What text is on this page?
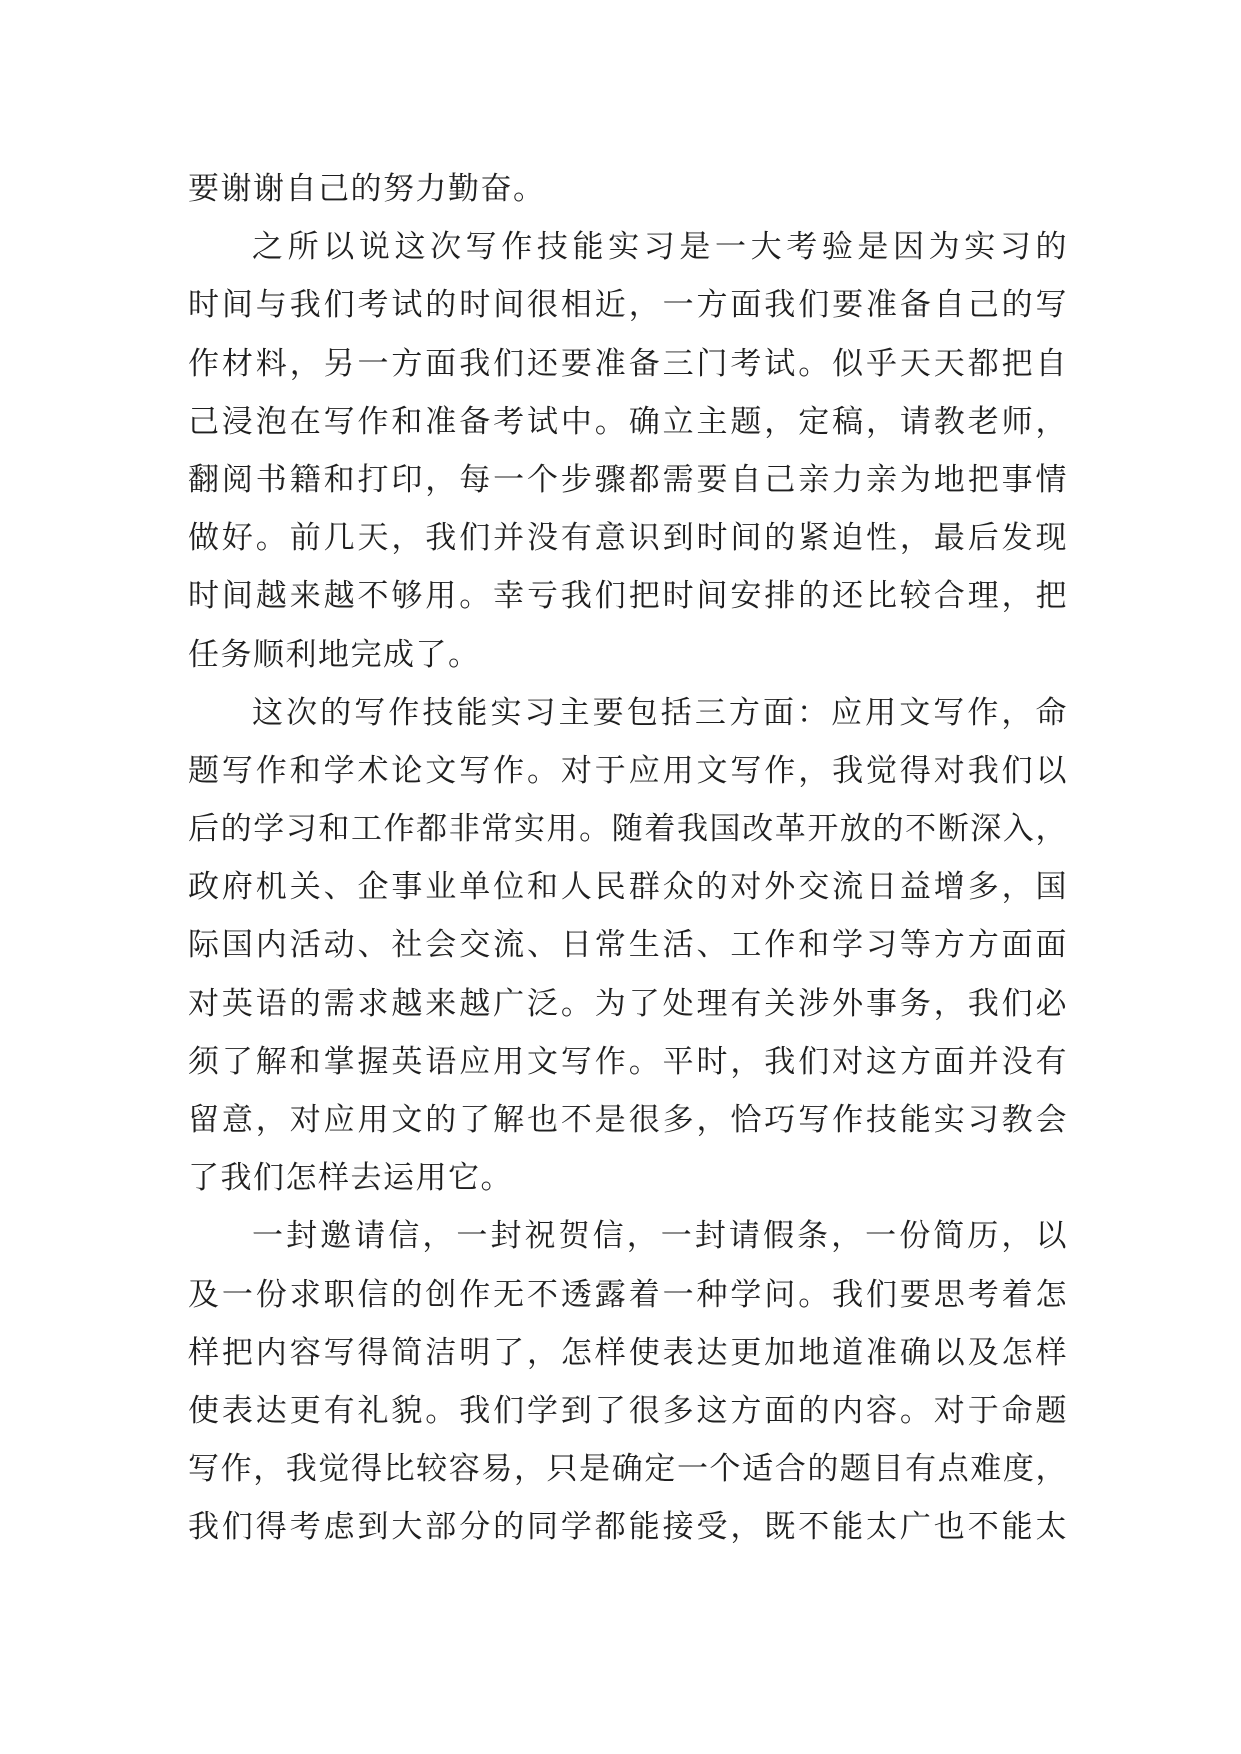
要谢谢自己的努力勤奋。
之所以说这次写作技能实习是一大考验是因为实习的
时间与我们考试的时间很相近，一方面我们要准备自己的写
作材料，另一方面我们还要准备三门考试。似乎天天都把自
己浸泡在写作和准备考试中。确立主题，定稿，请教老师，
翻阅书籍和打印，每一个步骤都需要自己亲力亲为地把事情
做好。前几天，我们并没有意识到时间的紧迫性，最后发现
时间越来越不够用。幸亏我们把时间安排的还比较合理，把
任务顺利地完成了。
这次的写作技能实习主要包括三方面：应用文写作，命
题写作和学术论文写作。对于应用文写作，我觉得对我们以
后的学习和工作都非常实用。随着我国改革开放的不断深入，
政府机关、企事业单位和人民群众的对外交流日益增多，国
际国内活动、社会交流、日常生活、工作和学习等方方面面
对英语的需求越来越广泛。为了处理有关涉外事务，我们必
须了解和掌握英语应用文写作。平时，我们对这方面并没有
留意，对应用文的了解也不是很多，恰巧写作技能实习教会
了我们怎样去运用它。
一封邀请信，一封祝贺信，一封请假条，一份简历，以
及一份求职信的创作无不透露着一种学问。我们要思考着怎
样把内容写得简洁明了，怎样使表达更加地道准确以及怎样
使表达更有礼貌。我们学到了很多这方面的内容。对于命题
写作，我觉得比较容易，只是确定一个适合的题目有点难度，
我们得考虑到大部分的同学都能接受，既不能太广也不能太
